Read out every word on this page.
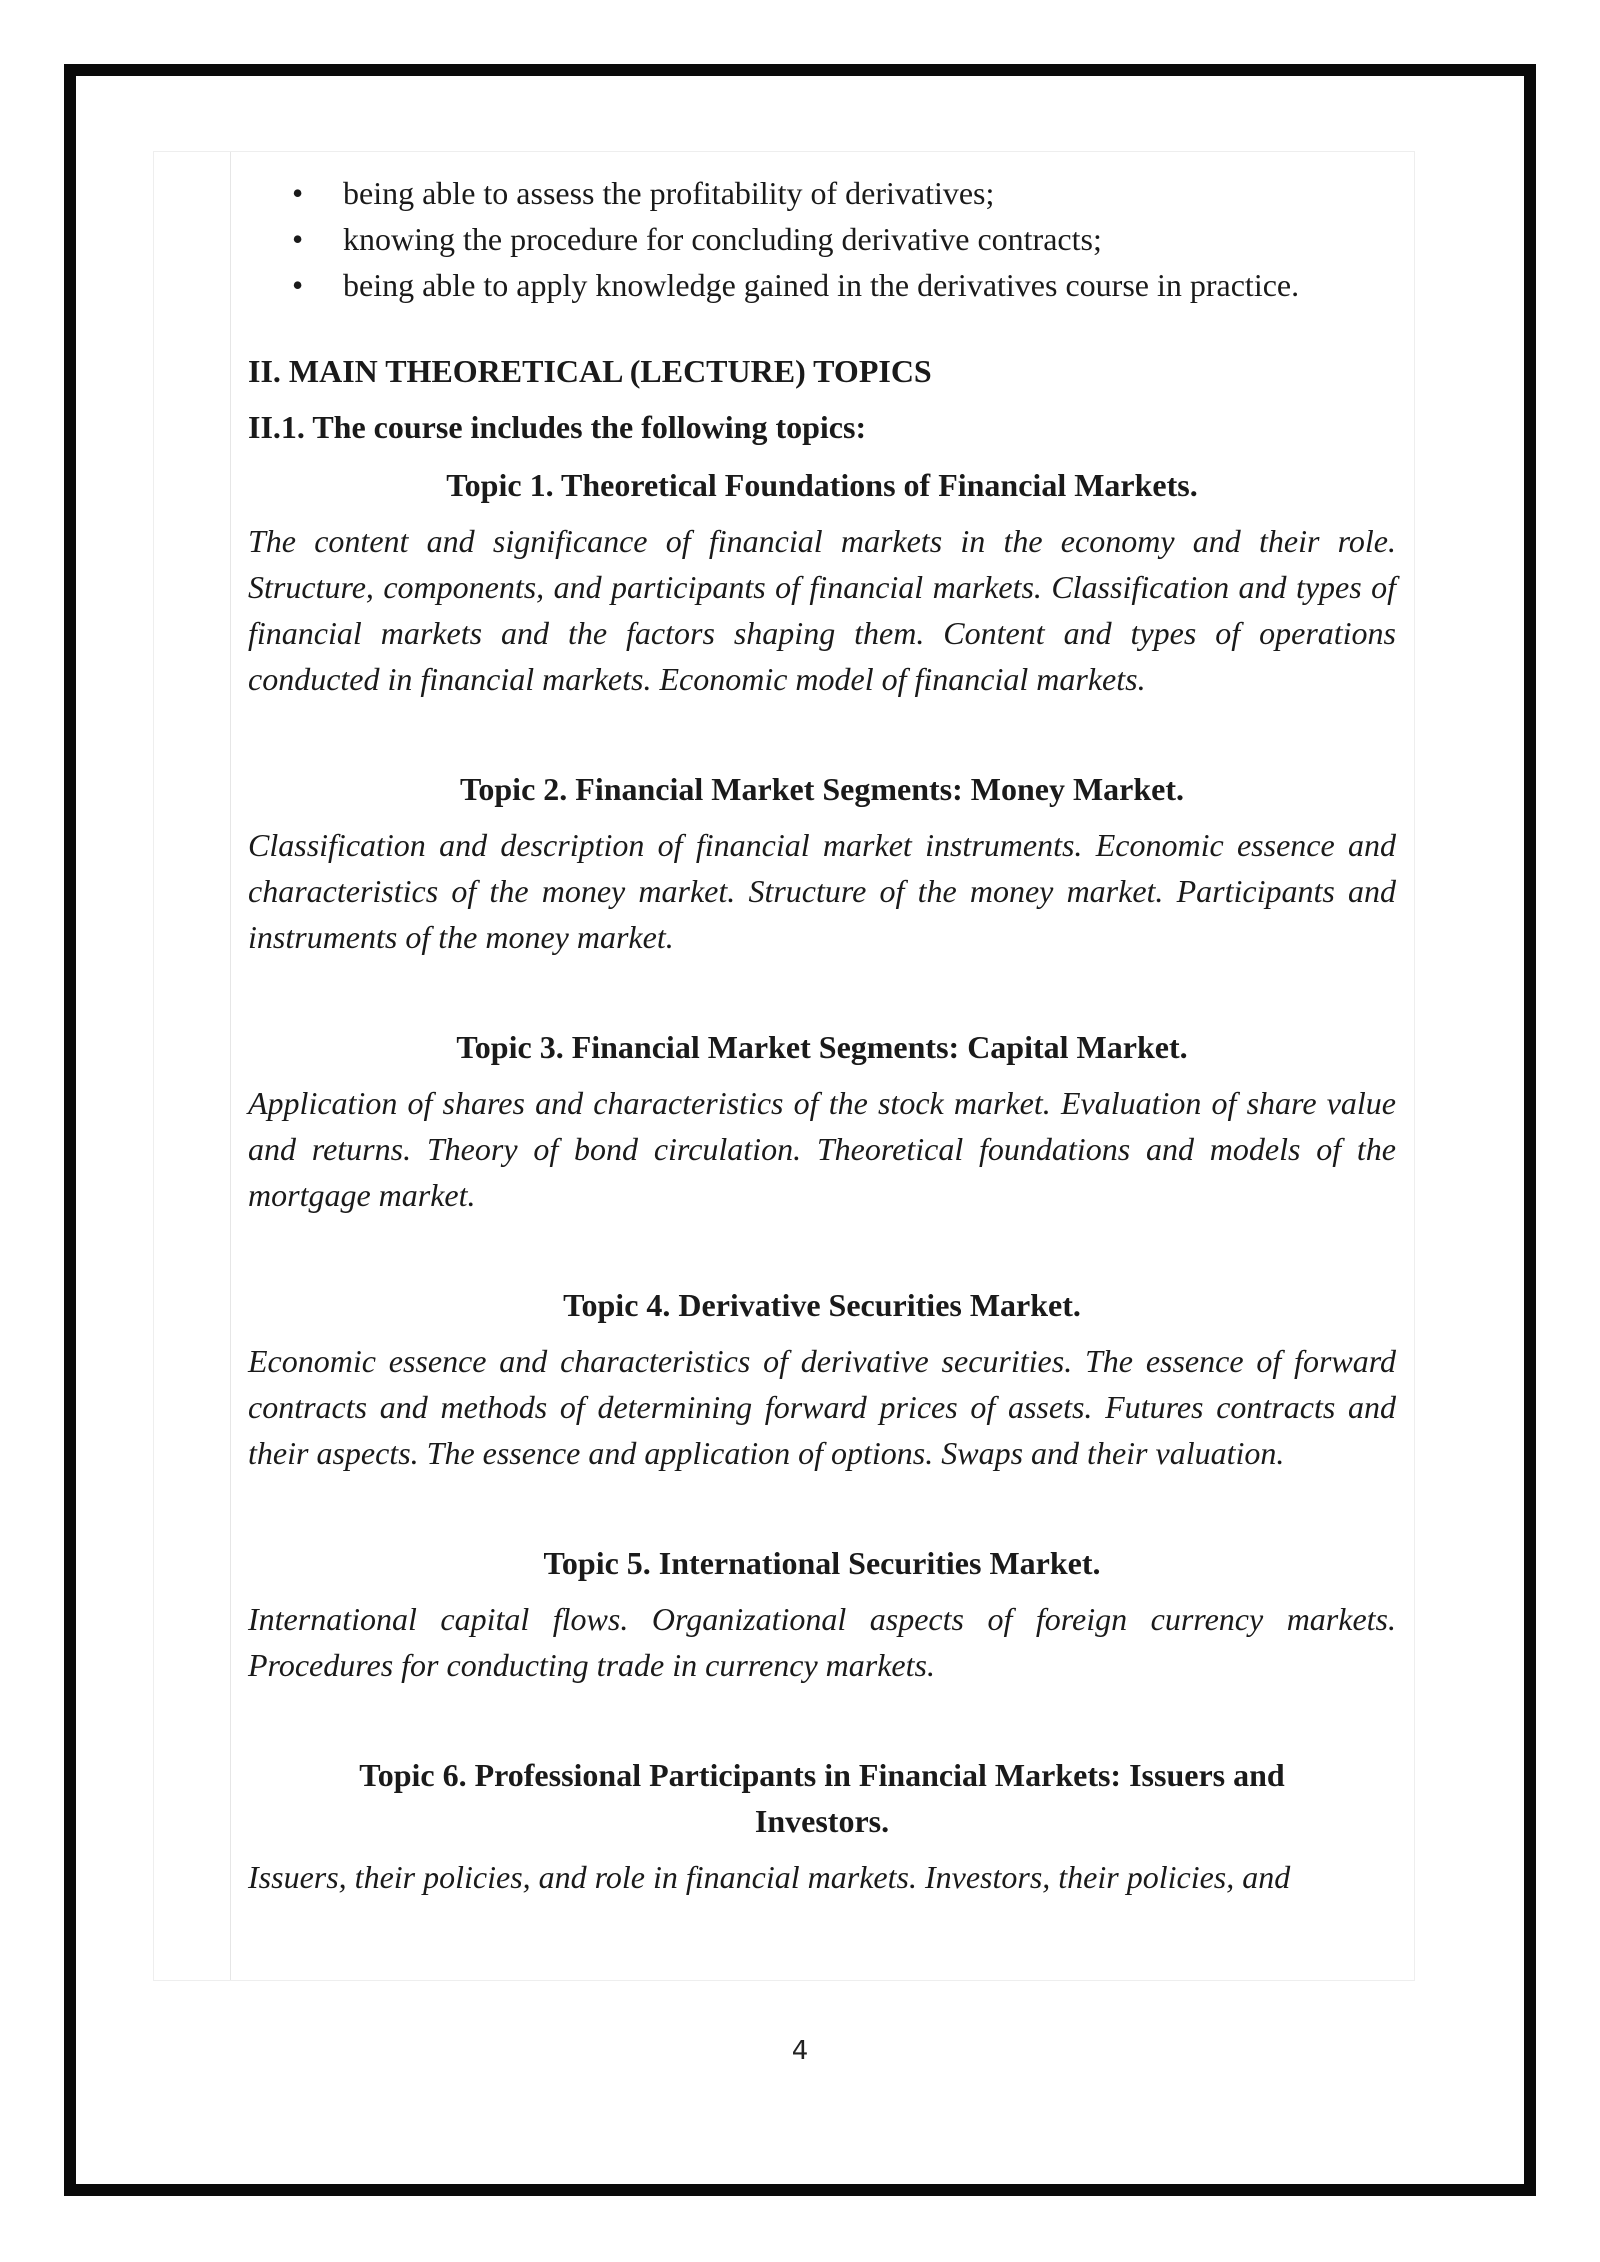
• being able to assess the profitability of derivatives;
• knowing the procedure for concluding derivative contracts;
• being able to apply knowledge gained in the derivatives course in practice.
II. MAIN THEORETICAL (LECTURE) TOPICS
II.1. The course includes the following topics:
Topic 1. Theoretical Foundations of Financial Markets.

The content and significance of financial markets in the economy and their role. Structure, components, and participants of financial markets. Classification and types of financial markets and the factors shaping them. Content and types of operations conducted in financial markets. Economic model of financial markets.

Topic 2. Financial Market Segments: Money Market.

Classification and description of financial market instruments. Economic essence and characteristics of the money market. Structure of the money market. Participants and instruments of the money market.

Topic 3. Financial Market Segments: Capital Market.

Application of shares and characteristics of the stock market. Evaluation of share value and returns. Theory of bond circulation. Theoretical foundations and models of the mortgage market.

Topic 4. Derivative Securities Market.

Economic essence and characteristics of derivative securities. The essence of forward contracts and methods of determining forward prices of assets. Futures contracts and their aspects. The essence and application of options. Swaps and their valuation.

Topic 5. International Securities Market.

International capital flows. Organizational aspects of foreign currency markets. Procedures for conducting trade in currency markets.

Topic 6. Professional Participants in Financial Markets: Issuers and Investors.

Issuers, their policies, and role in financial markets. Investors, their policies, and

4
